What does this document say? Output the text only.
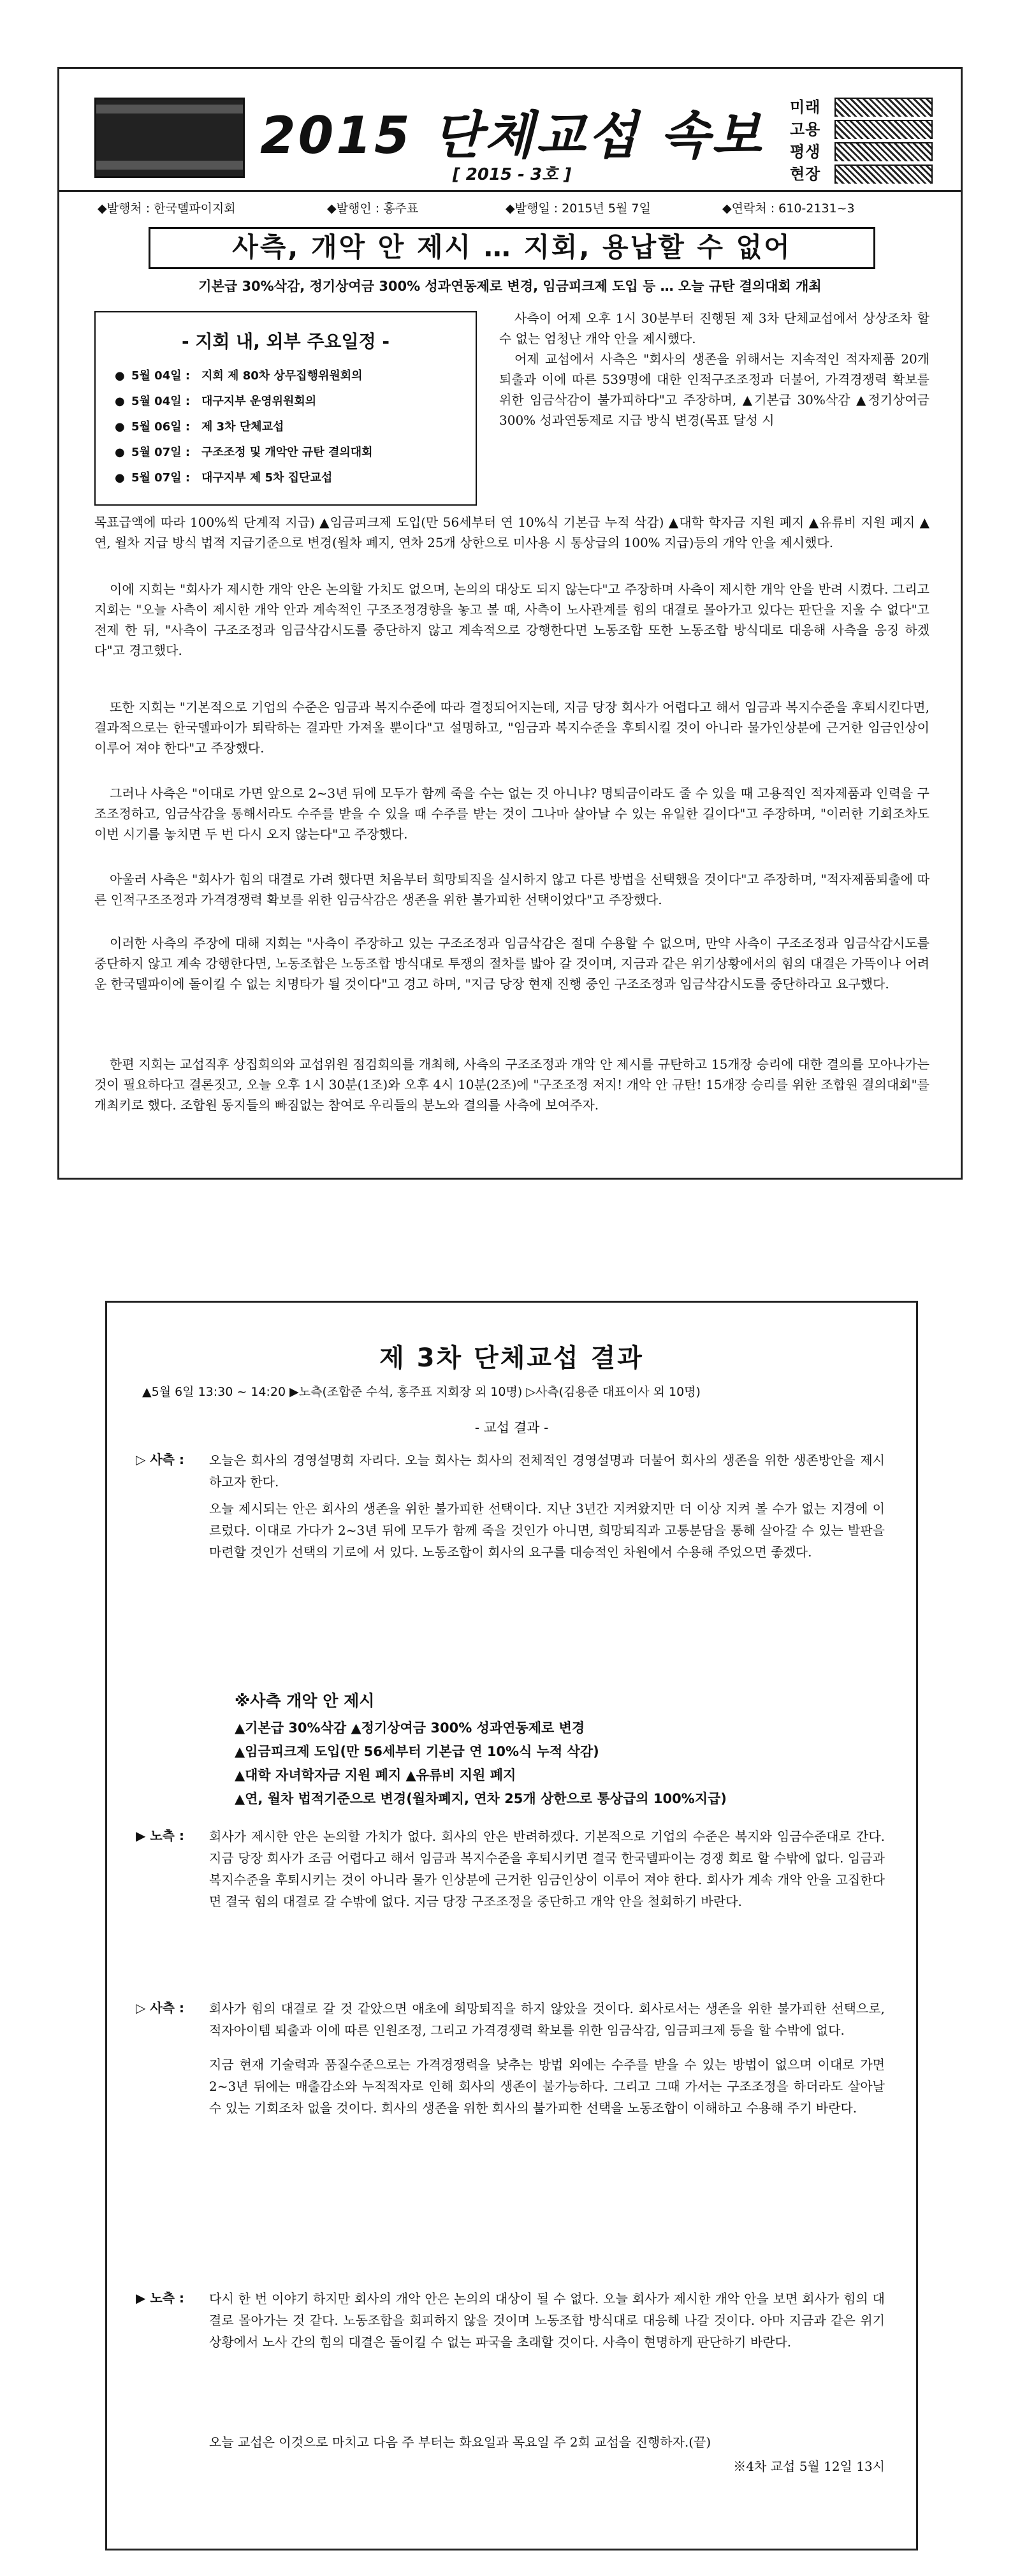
2015 단체교섭 속보
[ 2015 - 3호 ]
미래
고용
평생
현장
◆발행처 : 한국델파이지회	◆발행인 : 홍주표	◆발행일 : 2015년 5월 7일	◆연락처 : 610-2131~3
사측, 개악 안 제시 … 지회, 용납할 수 없어
기본급 30%삭감, 정기상여금 300% 성과연동제로 변경, 임금피크제 도입 등 … 오늘 규탄 결의대회 개최
- 지회 내, 외부 주요일정 -
● 5월 04일 : 지회 제 80차 상무집행위원회의
● 5월 04일 : 대구지부 운영위원회의
● 5월 06일 : 제 3차 단체교섭
● 5월 07일 : 구조조정 및 개악안 규탄 결의대회
● 5월 07일 : 대구지부 제 5차 집단교섭

사측이 어제 오후 1시 30분부터 진행된 제 3차 단체교섭에서 상상조차 할 수 없는 엄청난 개악 안을 제시했다.

어제 교섭에서 사측은 "회사의 생존을 위해서는 지속적인 적자제품 20개 퇴출과 이에 따른 539명에 대한 인적구조조정과 더불어, 가격경쟁력 확보를 위한 임금삭감이 불가피하다"고 주장하며, ▲기본급 30%삭감 ▲정기상여금 300% 성과연동제로 지급 방식 변경(목표 달성 시

목표급액에 따라 100%씩 단계적 지급) ▲임금피크제 도입(만 56세부터 연 10%식 기본급 누적 삭감) ▲대학 학자금 지원 폐지 ▲유류비 지원 폐지 ▲연, 월차 지급 방식 법적 지급기준으로 변경(월차 폐지, 연차 25개 상한으로 미사용 시 통상급의 100% 지급)등의 개악 안을 제시했다.

이에 지회는 "회사가 제시한 개악 안은 논의할 가치도 없으며, 논의의 대상도 되지 않는다"고 주장하며 사측이 제시한 개악 안을 반려 시켰다. 그리고 지회는 "오늘 사측이 제시한 개악 안과 계속적인 구조조정경향을 놓고 볼 때, 사측이 노사관계를 힘의 대결로 몰아가고 있다는 판단을 지울 수 없다"고 전제 한 뒤, "사측이 구조조정과 임금삭감시도를 중단하지 않고 계속적으로 강행한다면 노동조합 또한 노동조합 방식대로 대응해 사측을 응징 하겠다"고 경고했다.

또한 지회는 "기본적으로 기업의 수준은 임금과 복지수준에 따라 결정되어지는데, 지금 당장 회사가 어렵다고 해서 임금과 복지수준을 후퇴시킨다면, 결과적으로는 한국델파이가 퇴락하는 결과만 가져올 뿐이다"고 설명하고, "임금과 복지수준을 후퇴시킬 것이 아니라 물가인상분에 근거한 임금인상이 이루어 져야 한다"고 주장했다.

그러나 사측은 "이대로 가면 앞으로 2~3년 뒤에 모두가 함께 죽을 수는 없는 것 아니냐? 명퇴금이라도 줄 수 있을 때 고용적인 적자제품과 인력을 구조조정하고, 임금삭감을 통해서라도 수주를 받을 수 있을 때 수주를 받는 것이 그나마 살아날 수 있는 유일한 길이다"고 주장하며, "이러한 기회조차도 이번 시기를 놓치면 두 번 다시 오지 않는다"고 주장했다.

아울러 사측은 "회사가 힘의 대결로 가려 했다면 처음부터 희망퇴직을 실시하지 않고 다른 방법을 선택했을 것이다"고 주장하며, "적자제품퇴출에 따른 인적구조조정과 가격경쟁력 확보를 위한 임금삭감은 생존을 위한 불가피한 선택이었다"고 주장했다.

이러한 사측의 주장에 대해 지회는 "사측이 주장하고 있는 구조조정과 임금삭감은 절대 수용할 수 없으며, 만약 사측이 구조조정과 임금삭감시도를 중단하지 않고 계속 강행한다면, 노동조합은 노동조합 방식대로 투쟁의 절차를 밟아 갈 것이며, 지금과 같은 위기상황에서의 힘의 대결은 가뜩이나 어려운 한국델파이에 돌이킬 수 없는 치명타가 될 것이다"고 경고 하며, "지금 당장 현재 진행 중인 구조조정과 임금삭감시도를 중단하라고 요구했다.

한편 지회는 교섭직후 상집회의와 교섭위원 점검회의를 개최해, 사측의 구조조정과 개악 안 제시를 규탄하고 15개장 승리에 대한 결의를 모아나가는 것이 필요하다고 결론짓고, 오늘 오후 1시 30분(1조)와 오후 4시 10분(2조)에 "구조조정 저지! 개악 안 규탄! 15개장 승리를 위한 조합원 결의대회"를 개최키로 했다. 조합원 동지들의 빠짐없는 참여로 우리들의 분노와 결의를 사측에 보여주자.

제 3차 단체교섭 결과
▲5월 6일 13:30 ~ 14:20 ▶노측(조합준 수석, 홍주표 지회장 외 10명) ▷사측(김용준 대표이사 외 10명)
- 교섭 결과 -
▷ 사측 : 오늘은 회사의 경영설명회 자리다. 오늘 회사는 회사의 전체적인 경영설명과 더불어 회사의 생존을 위한 생존방안을 제시하고자 한다.

오늘 제시되는 안은 회사의 생존을 위한 불가피한 선택이다. 지난 3년간 지켜왔지만 더 이상 지켜 볼 수가 없는 지경에 이르렀다. 이대로 가다가 2~3년 뒤에 모두가 함께 죽을 것인가 아니면, 희망퇴직과 고통분담을 통해 살아갈 수 있는 발판을 마련할 것인가 선택의 기로에 서 있다. 노동조합이 회사의 요구를 대승적인 차원에서 수용해 주었으면 좋겠다.

※사측 개악 안 제시
▲기본급 30%삭감 ▲정기상여금 300% 성과연동제로 변경
▲임금피크제 도입(만 56세부터 기본급 연 10%식 누적 삭감)
▲대학 자녀학자금 지원 폐지 ▲유류비 지원 폐지
▲연, 월차 법적기준으로 변경(월차폐지, 연차 25개 상한으로 통상급의 100%지급)
▶ 노측 : 회사가 제시한 안은 논의할 가치가 없다. 회사의 안은 반려하겠다. 기본적으로 기업의 수준은 복지와 임금수준대로 간다. 지금 당장 회사가 조금 어렵다고 해서 임금과 복지수준을 후퇴시키면 결국 한국델파이는 경쟁 회로 할 수밖에 없다. 임금과 복지수준을 후퇴시키는 것이 아니라 물가 인상분에 근거한 임금인상이 이루어 져야 한다. 회사가 계속 개악 안을 고집한다면 결국 힘의 대결로 갈 수밖에 없다. 지금 당장 구조조정을 중단하고 개악 안을 철회하기 바란다.

▷ 사측 : 회사가 힘의 대결로 갈 것 같았으면 애초에 희망퇴직을 하지 않았을 것이다. 회사로서는 생존을 위한 불가피한 선택으로, 적자아이템 퇴출과 이에 따른 인원조정, 그리고 가격경쟁력 확보를 위한 임금삭감, 임금피크제 등을 할 수밖에 없다.

지금 현재 기술력과 품질수준으로는 가격경쟁력을 낮추는 방법 외에는 수주를 받을 수 있는 방법이 없으며 이대로 가면 2~3년 뒤에는 매출감소와 누적적자로 인해 회사의 생존이 불가능하다. 그리고 그때 가서는 구조조정을 하더라도 살아날 수 있는 기회조차 없을 것이다. 회사의 생존을 위한 회사의 불가피한 선택을 노동조합이 이해하고 수용해 주기 바란다.

▶ 노측 : 다시 한 번 이야기 하지만 회사의 개악 안은 논의의 대상이 될 수 없다. 오늘 회사가 제시한 개악 안을 보면 회사가 힘의 대결로 몰아가는 것 같다. 노동조합을 회피하지 않을 것이며 노동조합 방식대로 대응해 나갈 것이다. 아마 지금과 같은 위기 상황에서 노사 간의 힘의 대결은 돌이킬 수 없는 파국을 초래할 것이다. 사측이 현명하게 판단하기 바란다.

오늘 교섭은 이것으로 마치고 다음 주 부터는 화요일과 목요일 주 2회 교섭을 진행하자.(끝)
※4차 교섭 5월 12일 13시
